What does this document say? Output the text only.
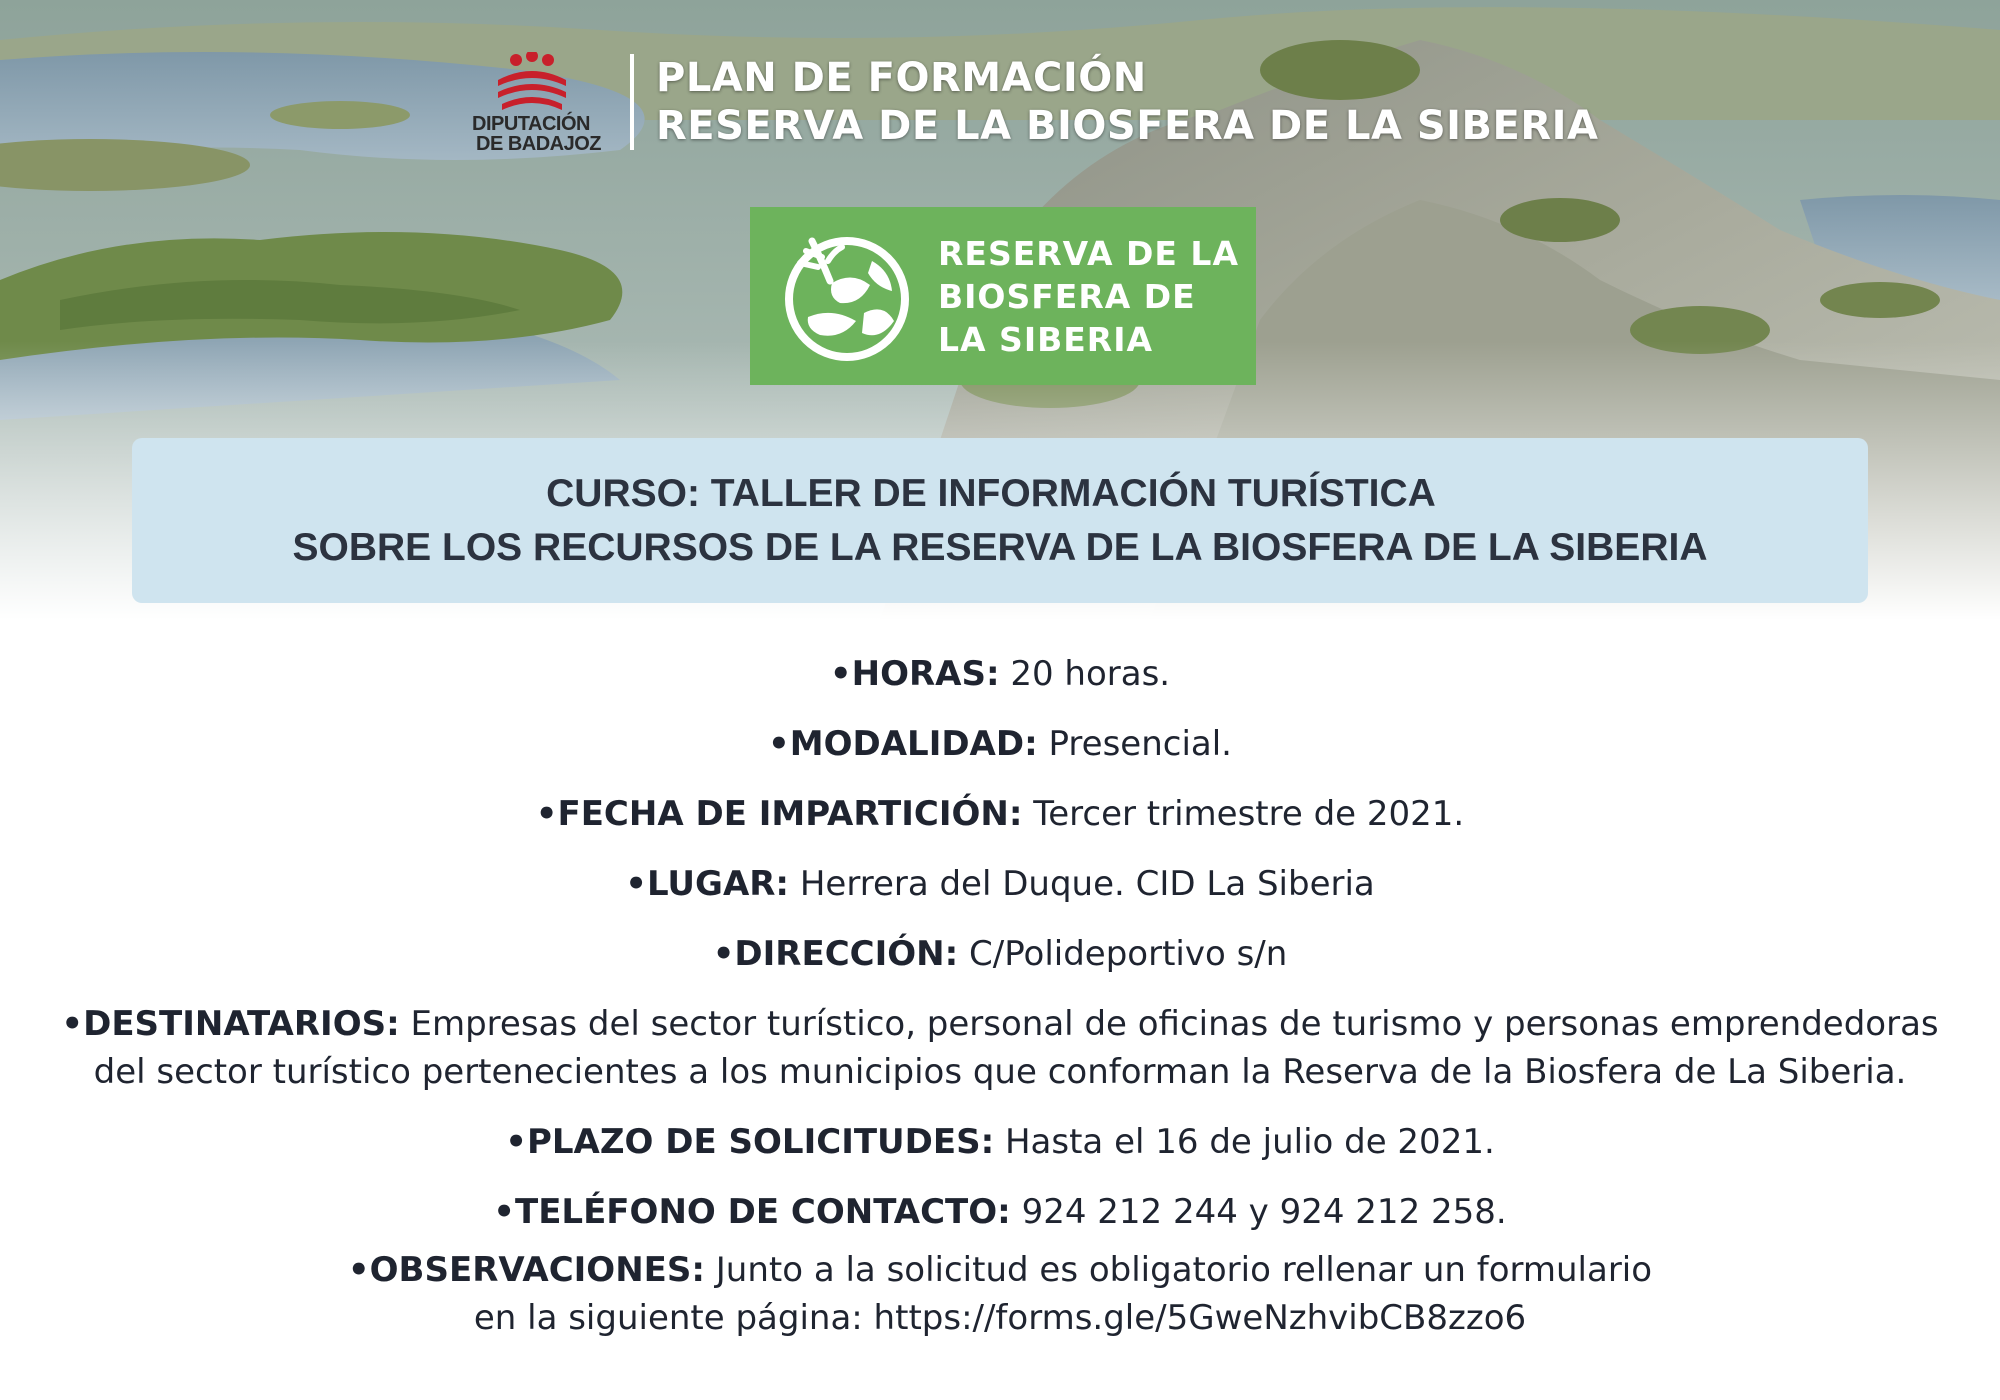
DIPUTACIÓN
DE BADAJOZ
PLAN DE FORMACIÓN
RESERVA DE LA BIOSFERA DE LA SIBERIA
RESERVA DE LA
BIOSFERA DE
LA SIBERIA
CURSO: TALLER DE INFORMACIÓN TURÍSTICA
SOBRE LOS RECURSOS DE LA RESERVA DE LA BIOSFERA DE LA SIBERIA
•HORAS: 20 horas.
•MODALIDAD: Presencial.
•FECHA DE IMPARTICIÓN: Tercer trimestre de 2021.
•LUGAR: Herrera del Duque. CID La Siberia
•DIRECCIÓN: C/Polideportivo s/n
•DESTINATARIOS: Empresas del sector turístico, personal de oficinas de turismo y personas emprendedoras
del sector turístico pertenecientes a los municipios que conforman la Reserva de la Biosfera de La Siberia.
•PLAZO DE SOLICITUDES: Hasta el 16 de julio de 2021.
•TELÉFONO DE CONTACTO: 924 212 244 y 924 212 258.
•OBSERVACIONES: Junto a la solicitud es obligatorio rellenar un formulario
en la siguiente página: https://forms.gle/5GweNzhvibCB8zzo6
